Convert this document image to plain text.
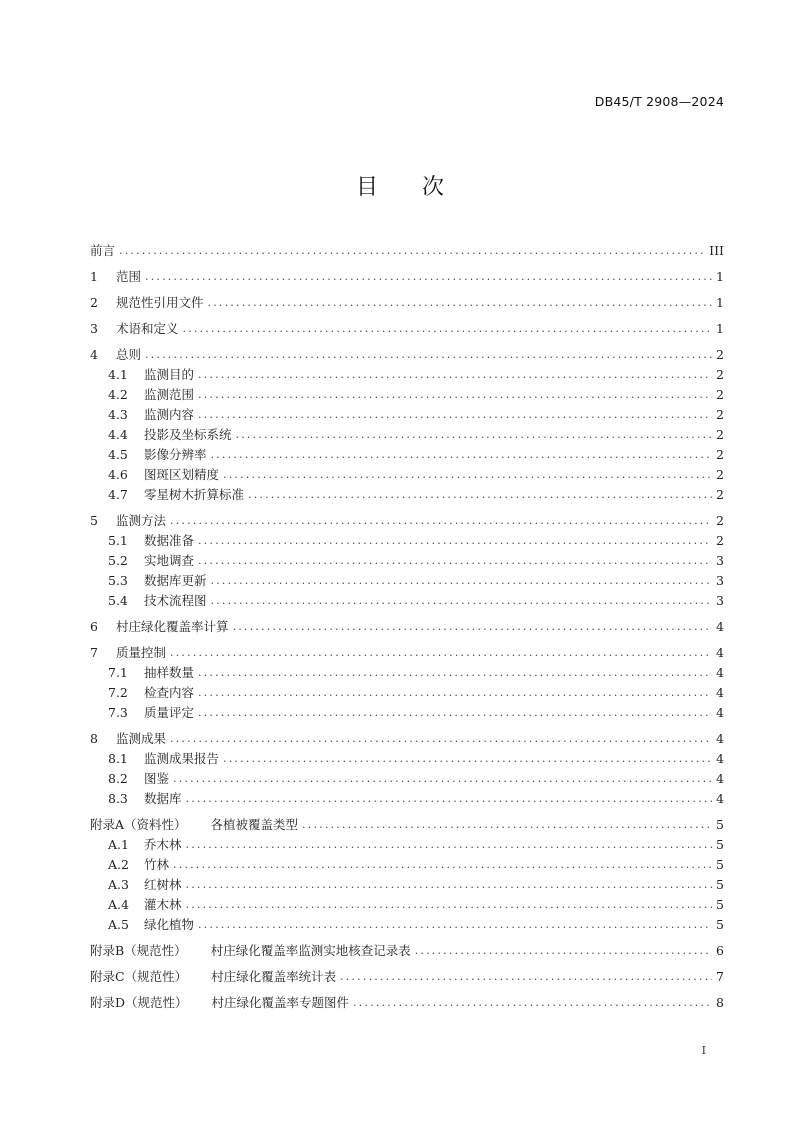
DB45/T 2908—2024
目 次
前言 .....	III
1	范围 .....	1
2	规范性引用文件 .....	1
3	术语和定义 .....	1
4	总则 .....	2
4.1	监测目的 .....	2
4.2	监测范围 .....	2
4.3	监测内容 .....	2
4.4	投影及坐标系统 .....	2
4.5	影像分辨率 .....	2
4.6	图斑区划精度 .....	2
4.7	零星树木折算标准 .....	2
5	监测方法 .....	2
5.1	数据准备 .....	2
5.2	实地调查 .....	3
5.3	数据库更新 .....	3
5.4	技术流程图 .....	3
6	村庄绿化覆盖率计算 .....	4
7	质量控制 .....	4
7.1	抽样数量 .....	4
7.2	检查内容 .....	4
7.3	质量评定 .....	4
8	监测成果 .....	4
8.1	监测成果报告 .....	4
8.2	图鉴 .....	4
8.3	数据库 .....	4
附录A（资料性） 各植被覆盖类型 .....	5
A.1	乔木林 .....	5
A.2	竹林 .....	5
A.3	红树林 .....	5
A.4	灌木林 .....	5
A.5	绿化植物 .....	5
附录B（规范性） 村庄绿化覆盖率监测实地核查记录表 .....	6
附录C（规范性） 村庄绿化覆盖率统计表 .....	7
附录D（规范性） 村庄绿化覆盖率专题图件 .....	8
I
